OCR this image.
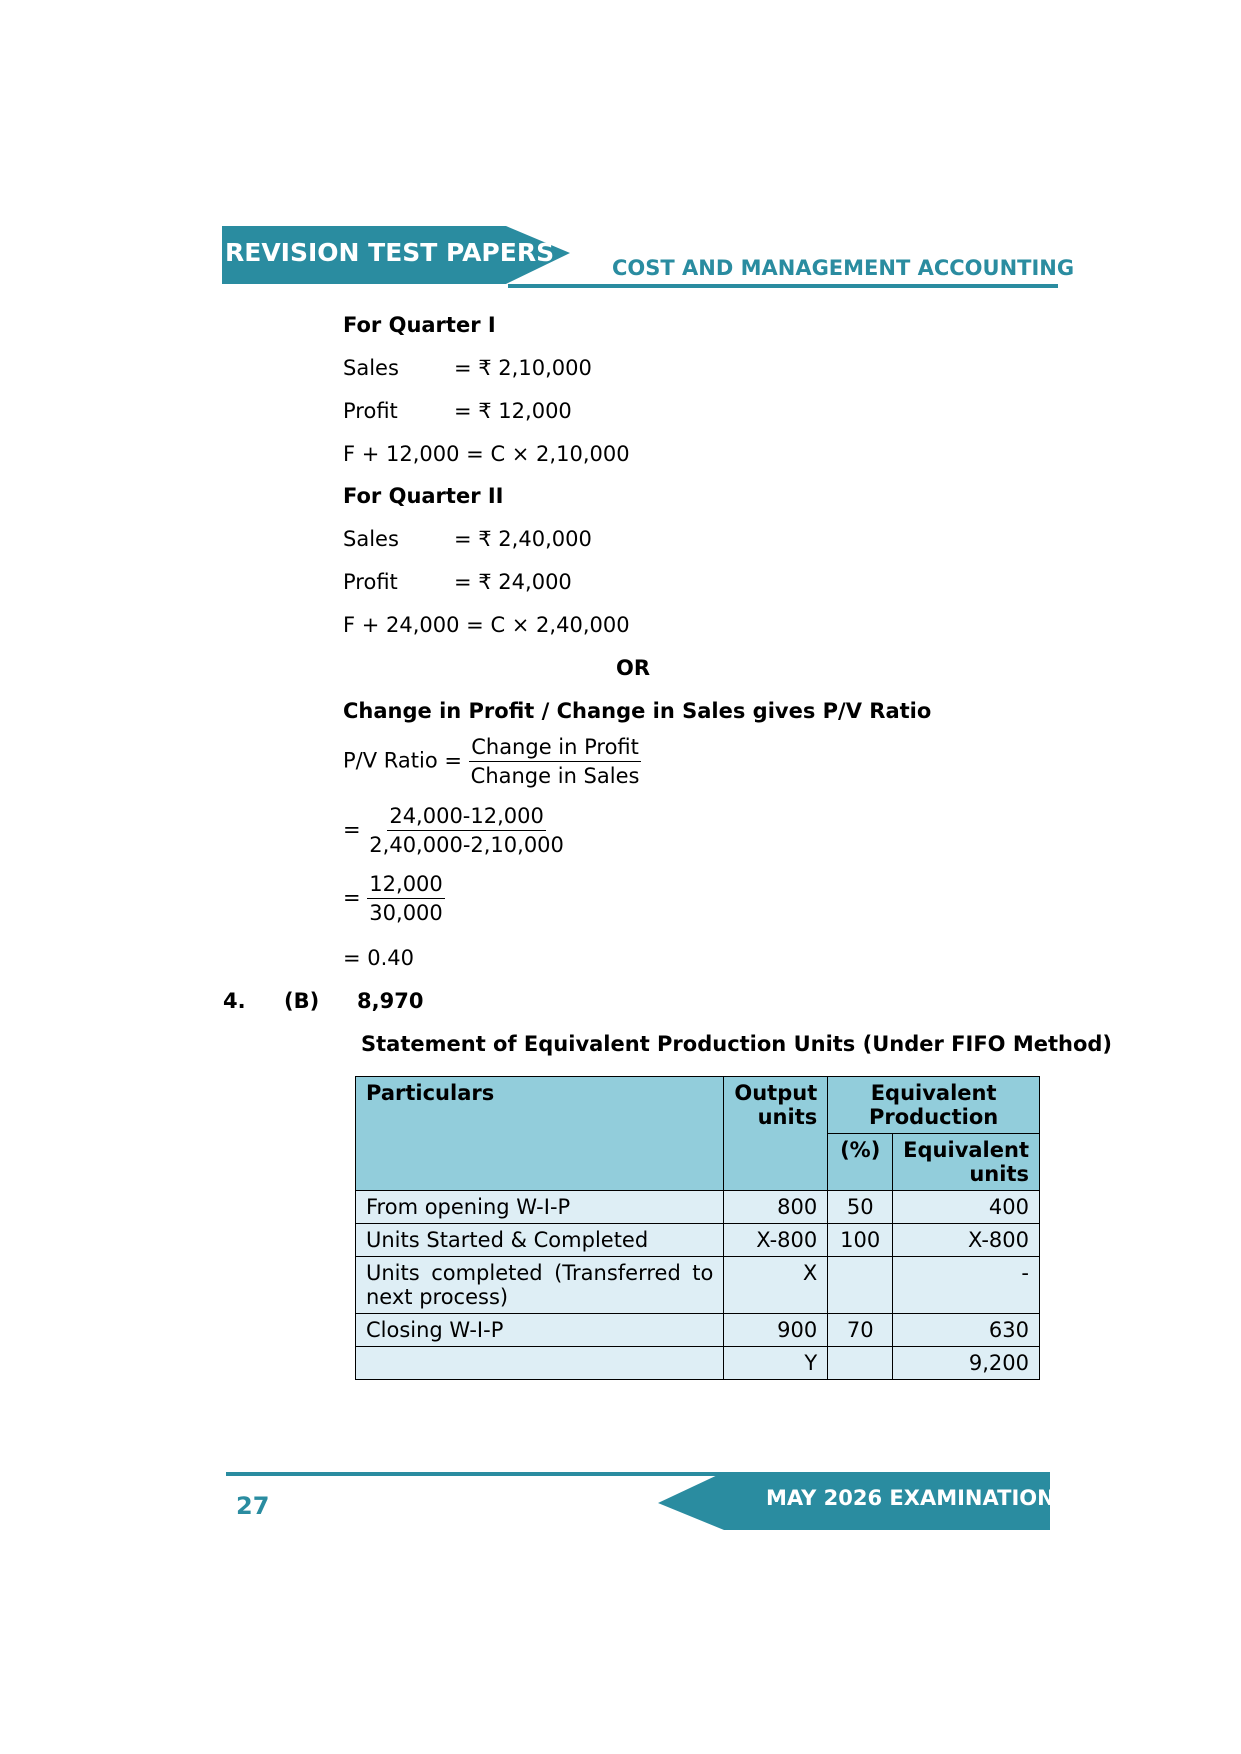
REVISION TEST PAPERS
COST AND MANAGEMENT ACCOUNTING
For Quarter I
Sales	= ₹ 2,10,000
Profit	= ₹ 12,000
F + 12,000 = C × 2,10,000
For Quarter II
Sales	= ₹ 2,40,000
Profit	= ₹ 24,000
F + 24,000 = C × 2,40,000
OR
Change in Profit / Change in Sales gives P/V Ratio
P/V Ratio = $\frac{\text{Change in Profit}}{\text{Change in Sales}}$
= $\frac{24,000-12,000}{2,40,000-2,10,000}$
= $\frac{12,000}{30,000}$
= 0.40
4. (B) 8,970
Statement of Equivalent Production Units (Under FIFO Method)
Particulars	Output units	Equivalent Production	
		(%)	Equivalent units
From opening W-I-P	800	50	400
Units Started & Completed	X-800	100	X-800
Units completed (Transferred to next process)	X		-
Closing W-I-P	900	70	630
	Y		9,200
MAY 2026 EXAMINATION
27
